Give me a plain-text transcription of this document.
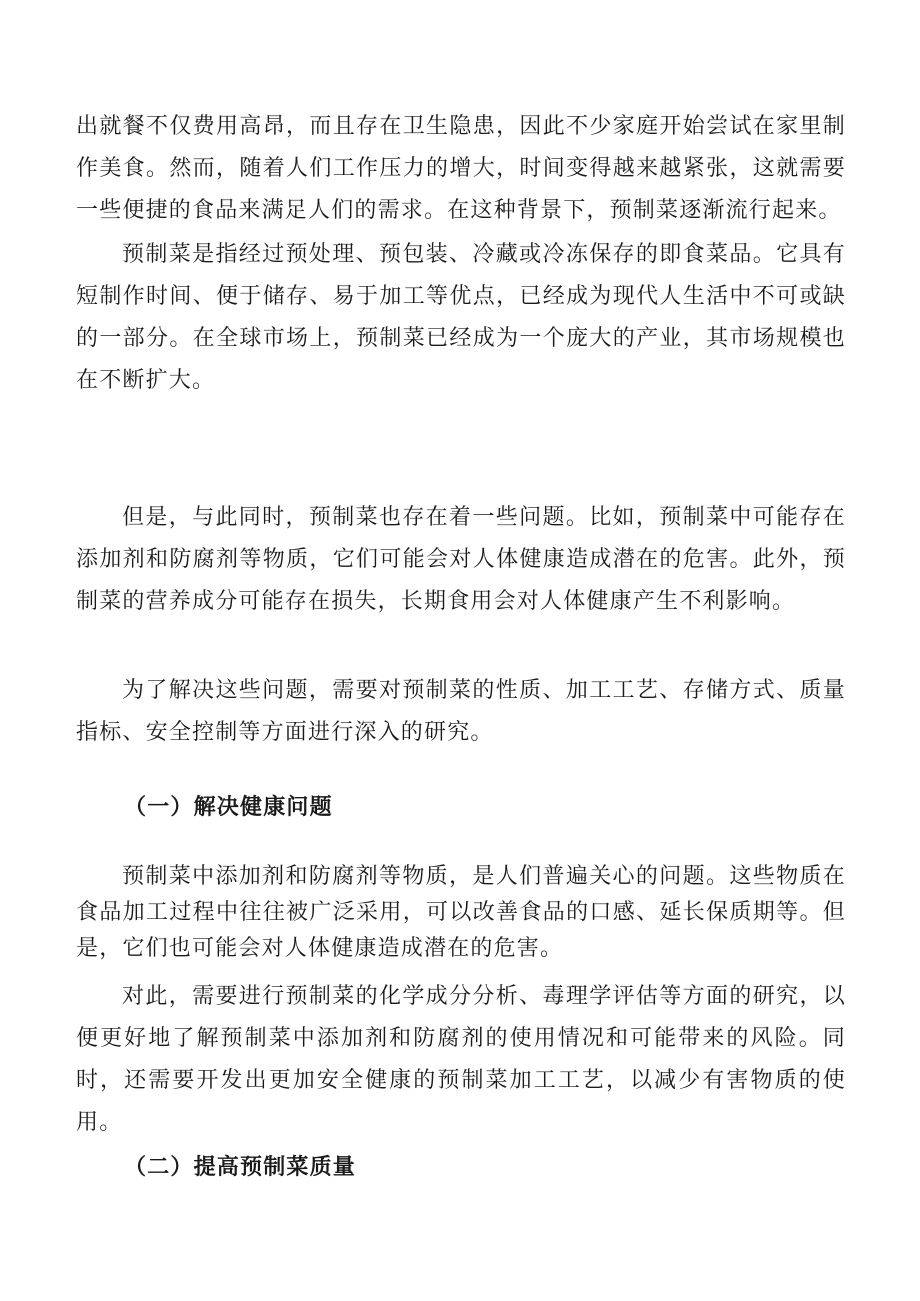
出就餐不仅费用高昂，而且存在卫生隐患，因此不少家庭开始尝试在家里制作美食。然而，随着人们工作压力的增大，时间变得越来越紧张，这就需要一些便捷的食品来满足人们的需求。在这种背景下，预制菜逐渐流行起来。

预制菜是指经过预处理、预包装、冷藏或冷冻保存的即食菜品。它具有短制作时间、便于储存、易于加工等优点，已经成为现代人生活中不可或缺的一部分。在全球市场上，预制菜已经成为一个庞大的产业，其市场规模也在不断扩大。

但是，与此同时，预制菜也存在着一些问题。比如，预制菜中可能存在添加剂和防腐剂等物质，它们可能会对人体健康造成潜在的危害。此外，预制菜的营养成分可能存在损失，长期食用会对人体健康产生不利影响。

为了解决这些问题，需要对预制菜的性质、加工工艺、存储方式、质量指标、安全控制等方面进行深入的研究。

（一）解决健康问题

预制菜中添加剂和防腐剂等物质，是人们普遍关心的问题。这些物质在食品加工过程中往往被广泛采用，可以改善食品的口感、延长保质期等。但是，它们也可能会对人体健康造成潜在的危害。

对此，需要进行预制菜的化学成分分析、毒理学评估等方面的研究，以便更好地了解预制菜中添加剂和防腐剂的使用情况和可能带来的风险。同时，还需要开发出更加安全健康的预制菜加工工艺，以减少有害物质的使用。

（二）提高预制菜质量
